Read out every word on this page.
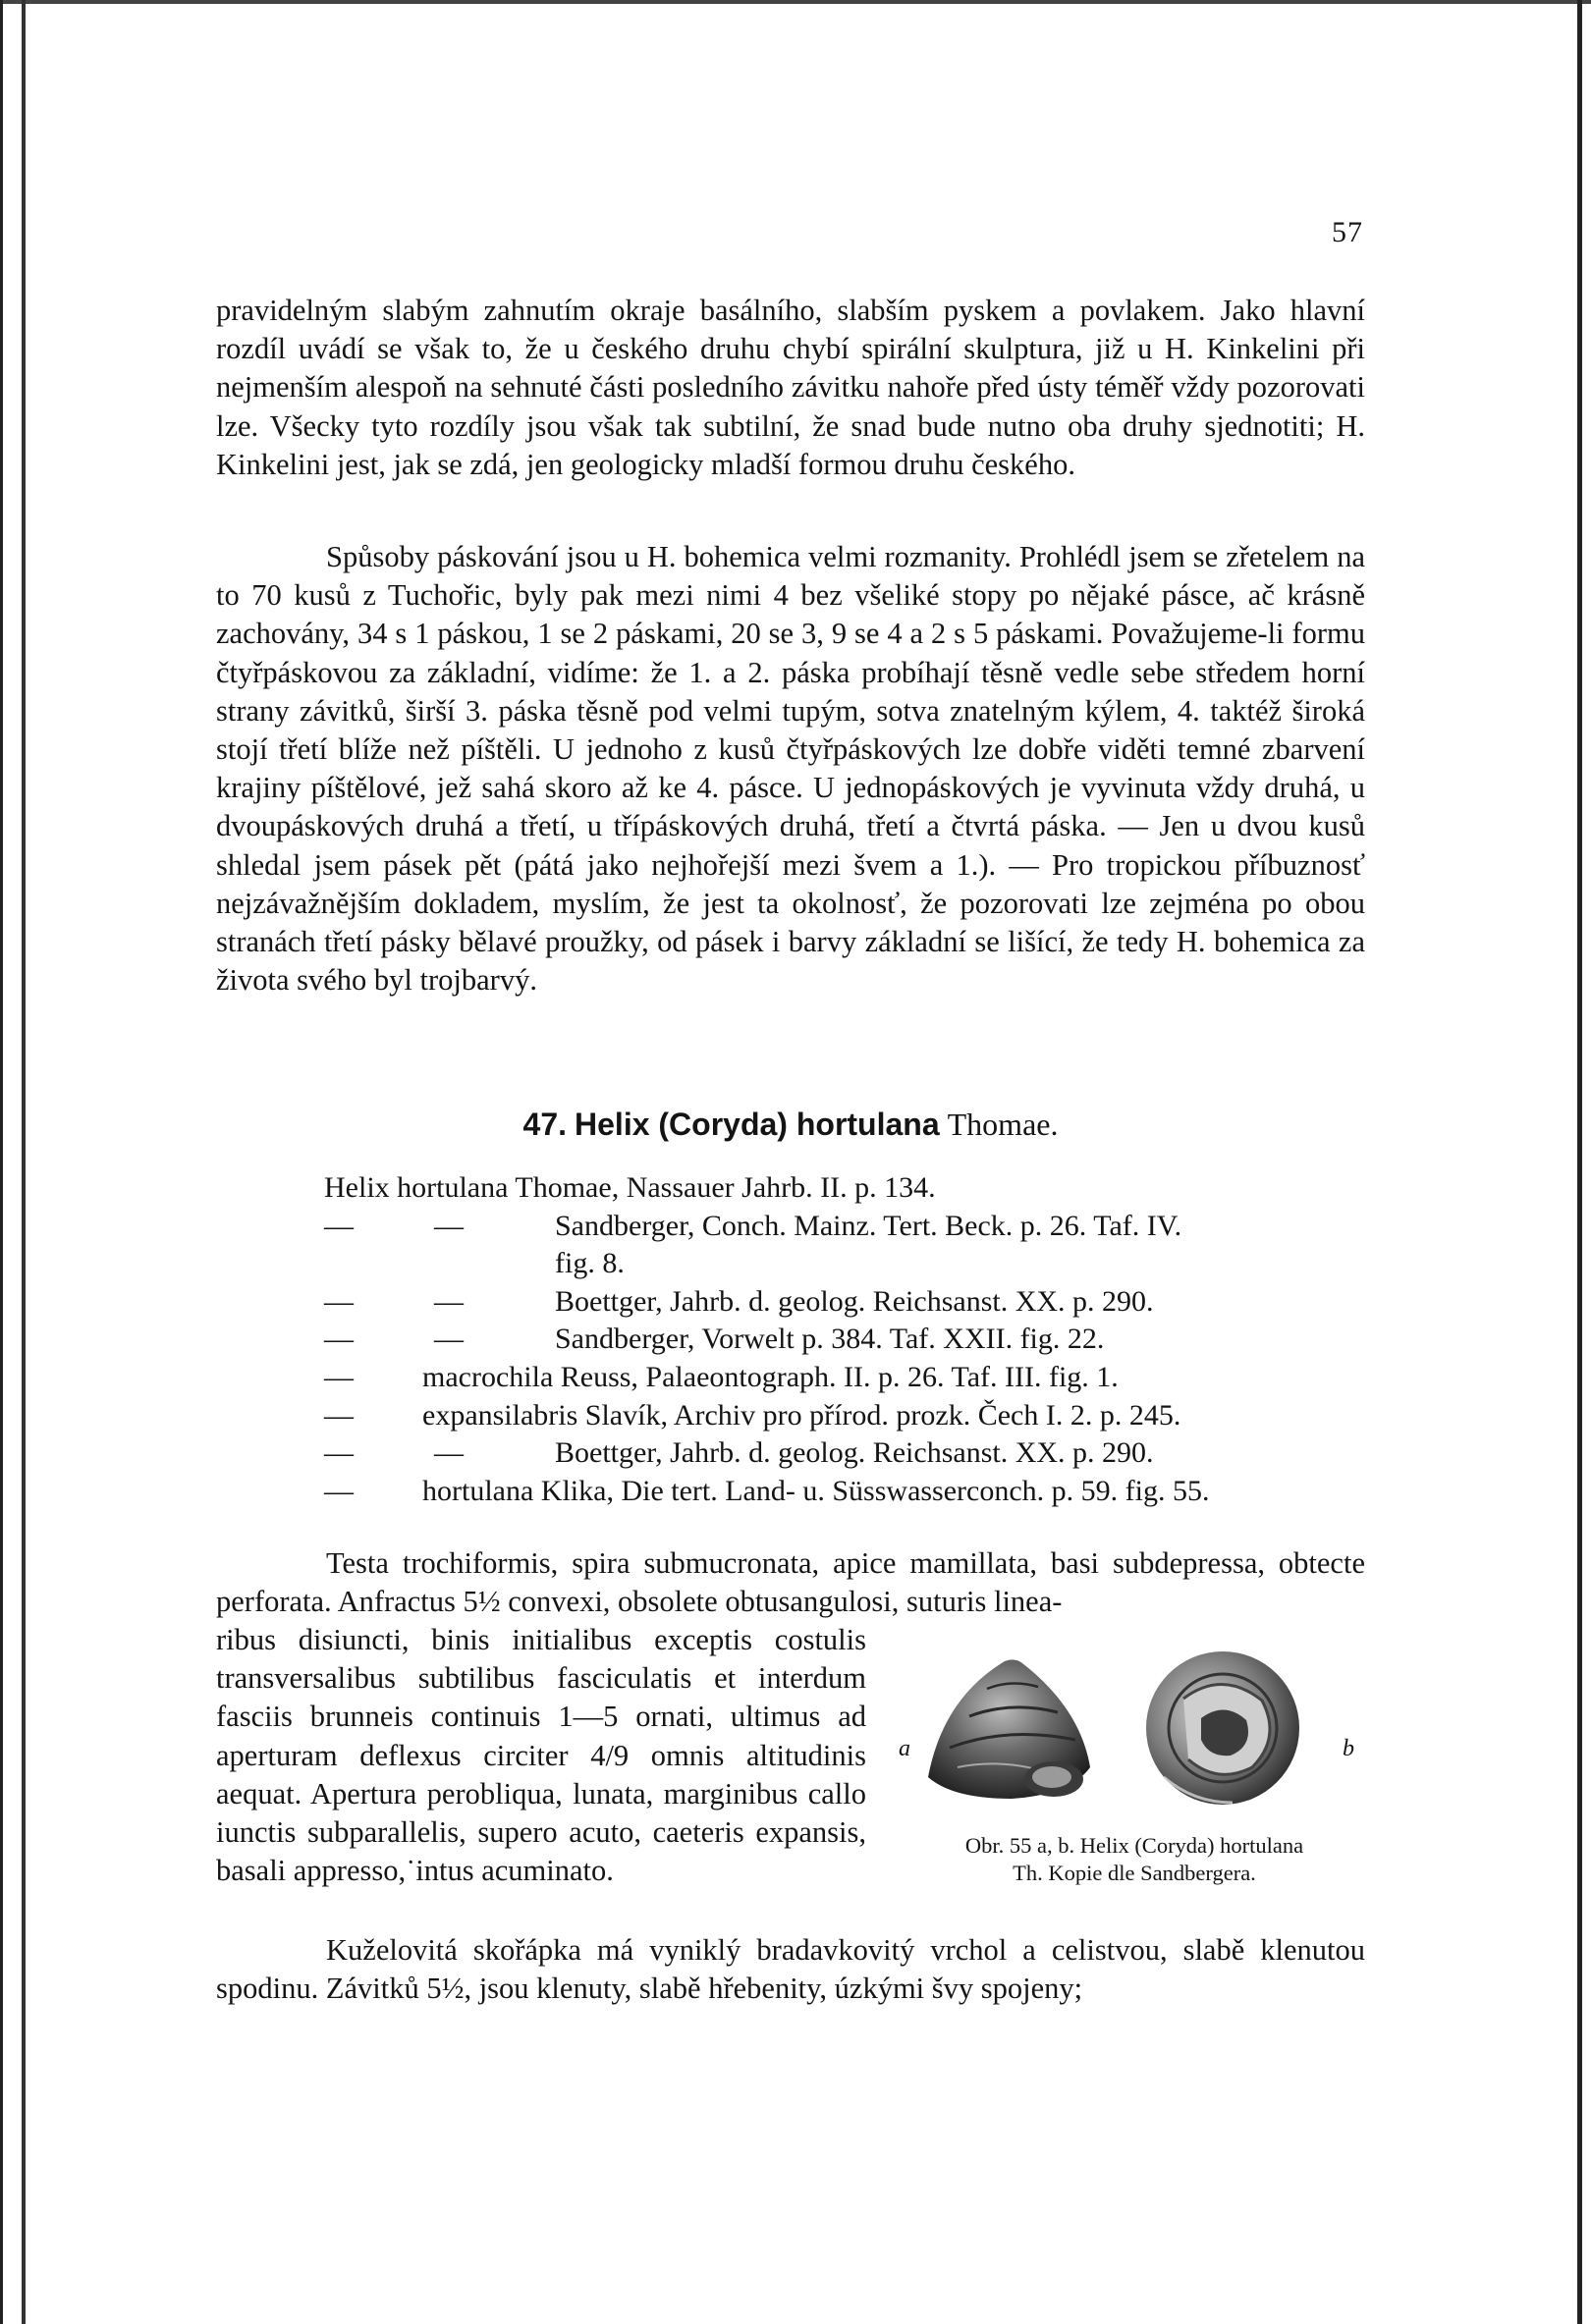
57

pravidelným slabým zahnutím okraje basálního, slabším pyskem a povlakem. Jako hlavní rozdíl uvádí se však to, že u českého druhu chybí spirální skulptura, již u H. Kinkelini při nejmenším alespoň na sehnuté části posledního závitku nahoře před ústy téměř vždy pozorovati lze. Všecky tyto rozdíly jsou však tak subtilní, že snad bude nutno oba druhy sjednotiti; H. Kinkelini jest, jak se zdá, jen geologicky mladší formou druhu českého.

Spůsoby páskování jsou u H. bohemica velmi rozmanity. Prohlédl jsem se zřetelem na to 70 kusů z Tuchořic, byly pak mezi nimi 4 bez všeliké stopy po nějaké pásce, ač krásně zachovány, 34 s 1 páskou, 1 se 2 páskami, 20 se 3, 9 se 4 a 2 s 5 páskami. Považujeme-li formu čtyřpáskovou za základní, vidíme: že 1. a 2. páska probíhají těsně vedle sebe středem horní strany závitků, širší 3. páska těsně pod velmi tupým, sotva znatelným kýlem, 4. taktéž široká stojí třetí blíže než píštěli. U jednoho z kusů čtyřpáskových lze dobře viděti temné zbarvení krajiny píštělové, jež sahá skoro až ke 4. pásce. U jednopáskových je vyvinuta vždy druhá, u dvoupáskových druhá a třetí, u třípáskových druhá, třetí a čtvrtá páska. — Jen u dvou kusů shledal jsem pásek pět (pátá jako nejhořejší mezi švem a 1.). — Pro tropickou příbuznosť nejzávažnějším dokladem, myslím, že jest ta okolnosť, že pozorovati lze zejména po obou stranách třetí pásky bělavé proužky, od pásek i barvy základní se lišící, že tedy H. bohemica za života svého byl trojbarvý.

47. Helix (Coryda) hortulana Thomae.
Helix hortulana Thomae, Nassauer Jahrb. II. p. 134.
—	—	Sandberger, Conch. Mainz. Tert. Beck. p. 26. Taf. IV.
fig. 8.
—	—	Boettger, Jahrb. d. geolog. Reichsanst. XX. p. 290.
—	—	Sandberger, Vorwelt p. 384. Taf. XXII. fig. 22.
— macrochila Reuss, Palaeontograph. II. p. 26. Taf. III. fig. 1.
— expansilabris Slavík, Archiv pro přírod. prozk. Čech I. 2. p. 245.
—	—	Boettger, Jahrb. d. geolog. Reichsanst. XX. p. 290.
— hortulana Klika, Die tert. Land- u. Süsswasserconch. p. 59. fig. 55.

Testa trochiformis, spira submucronata, apice mamillata, basi subdepressa, obtecte perforata. Anfractus 5½ convexi, obsolete obtusangulosi, suturis linea-

ribus disiuncti, binis initialibus exceptis costulis transversalibus subtilibus fasciculatis et interdum fasciis brunneis continuis 1—5 ornati, ultimus ad aperturam deflexus circiter 4/9 omnis altitudinis aequat. Apertura perobliqua, lunata, marginibus callo iunctis subparallelis, supero acuto, caeteris expansis, basali appresso,˙intus acuminato.

a	b
Obr. 55 a, b. Helix (Coryda) hortulana
Th. Kopie dle Sandbergera.

Kuželovitá skořápka má vyniklý bradavkovitý vrchol a celistvou, slabě klenutou spodinu. Závitků 5½, jsou klenuty, slabě hřebenity, úzkými švy spojeny;
